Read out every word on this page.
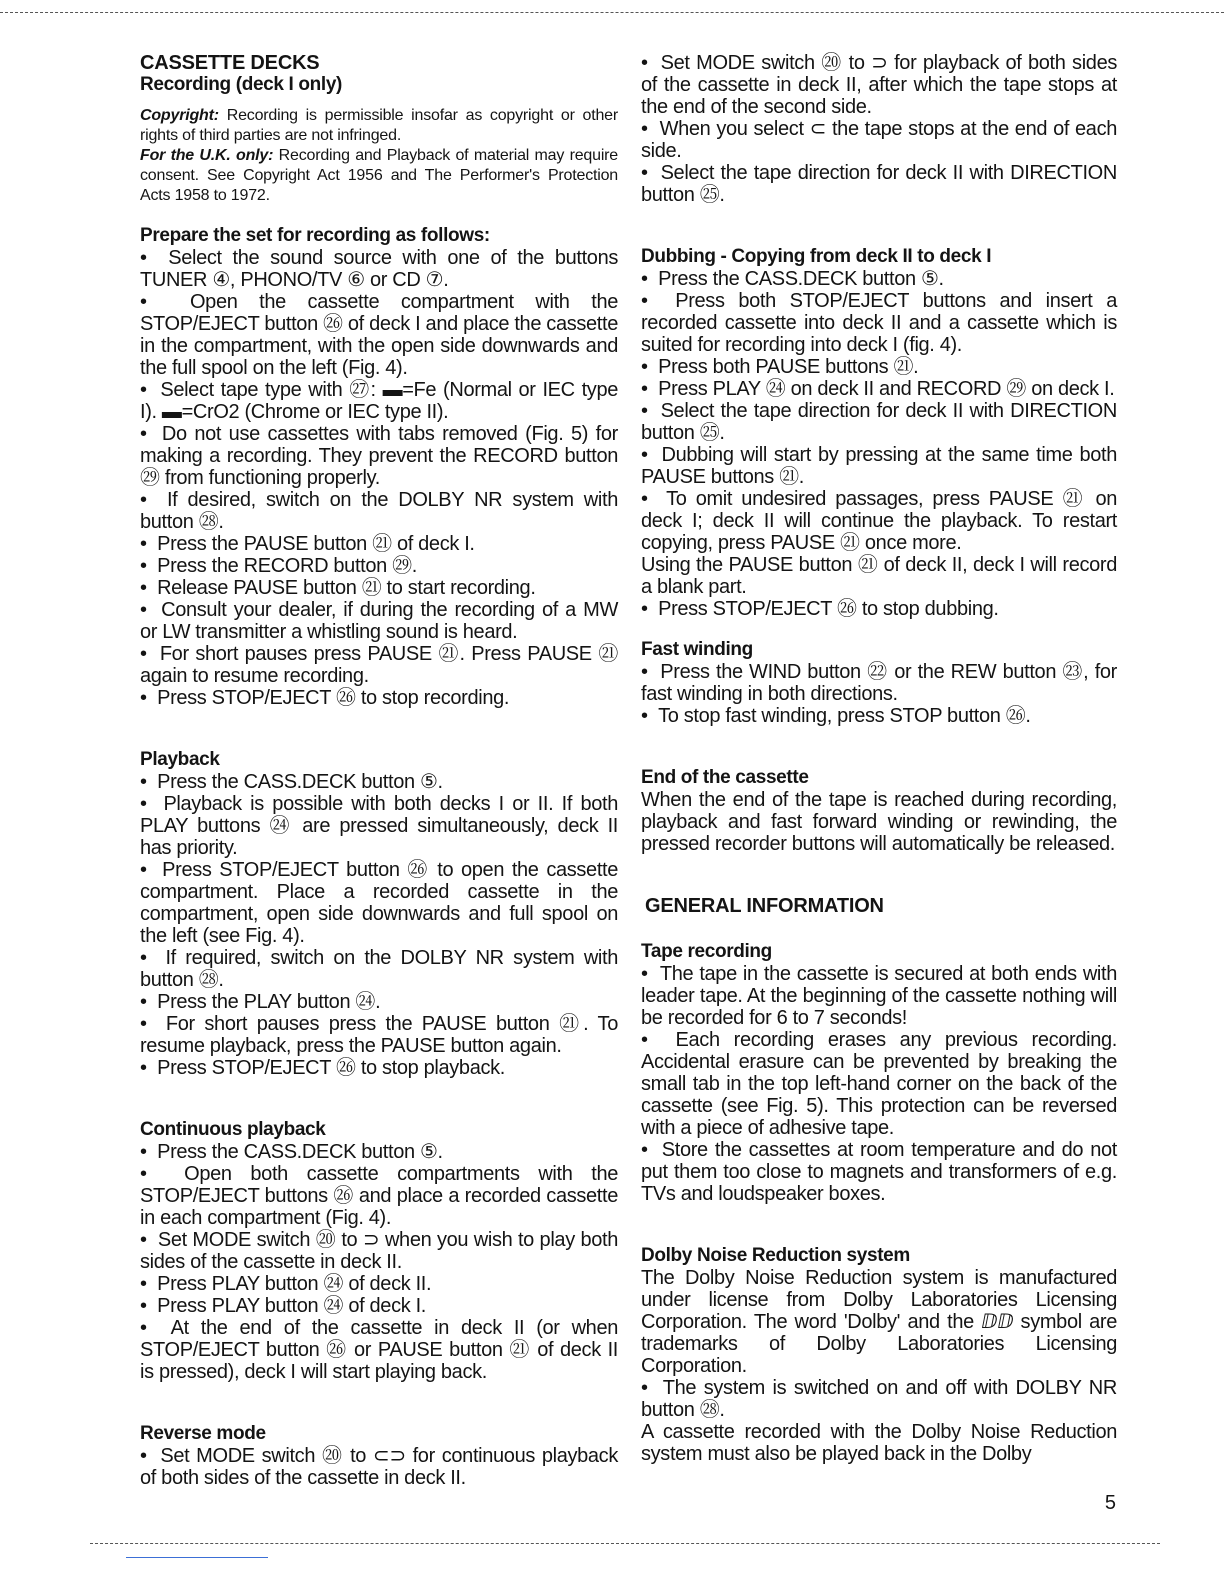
CASSETTE DECKS

Recording (deck I only)

Copyright: Recording is permissible insofar as copyright or other rights of third parties are not infringed.

For the U.K. only: Recording and Playback of material may require consent. See Copyright Act 1956 and The Performer's Protection Acts 1958 to 1972.

Prepare the set for recording as follows:

•  Select the sound source with one of the buttons TUNER ④, PHONO/TV ⑥ or CD ⑦.

•  Open the cassette compartment with the STOP/EJECT button ㉖ of deck I and place the cassette in the compartment, with the open side downwards and the full spool on the left (Fig. 4).

•  Select tape type with ㉗: ▬=Fe (Normal or IEC type I). ▬=CrO2 (Chrome or IEC type II).

•  Do not use cassettes with tabs removed (Fig. 5) for making a recording. They prevent the RECORD button ㉙ from functioning properly.

•  If desired, switch on the DOLBY NR system with button ㉘.

•  Press the PAUSE button ㉑ of deck I.

•  Press the RECORD button ㉙.

•  Release PAUSE button ㉑ to start recording.

•  Consult your dealer, if during the recording of a MW or LW transmitter a whistling sound is heard.

•  For short pauses press PAUSE ㉑. Press PAUSE ㉑ again to resume recording.

•  Press STOP/EJECT ㉖ to stop recording.

Playback

•  Press the CASS.DECK button ⑤.

•  Playback is possible with both decks I or II. If both PLAY buttons ㉔ are pressed simultaneously, deck II has priority.

•  Press STOP/EJECT button ㉖ to open the cassette compartment. Place a recorded cassette in the compartment, open side downwards and full spool on the left (see Fig. 4).

•  If required, switch on the DOLBY NR system with button ㉘.

•  Press the PLAY button ㉔.

•  For short pauses press the PAUSE button ㉑. To resume playback, press the PAUSE button again.

•  Press STOP/EJECT ㉖ to stop playback.

Continuous playback

•  Press the CASS.DECK button ⑤.

•  Open both cassette compartments with the STOP/EJECT buttons ㉖ and place a recorded cassette in each compartment (Fig. 4).

•  Set MODE switch ⑳ to ⊃ when you wish to play both sides of the cassette in deck II.

•  Press PLAY button ㉔ of deck II.

•  Press PLAY button ㉔ of deck I.

•  At the end of the cassette in deck II (or when STOP/EJECT button ㉖ or PAUSE button ㉑ of deck II is pressed), deck I will start playing back.

Reverse mode

•  Set MODE switch ⑳ to ⊂⊃ for continuous playback of both sides of the cassette in deck II.

•  Set MODE switch ⑳ to ⊃ for playback of both sides of the cassette in deck II, after which the tape stops at the end of the second side.

•  When you select ⊂ the tape stops at the end of each side.

•  Select the tape direction for deck II with DIRECTION button ㉕.

Dubbing - Copying from deck II to deck I

•  Press the CASS.DECK button ⑤.

•  Press both STOP/EJECT buttons and insert a recorded cassette into deck II and a cassette which is suited for recording into deck I (fig. 4).

•  Press both PAUSE buttons ㉑.

•  Press PLAY ㉔ on deck II and RECORD ㉙ on deck I.

•  Select the tape direction for deck II with DIRECTION button ㉕.

•  Dubbing will start by pressing at the same time both PAUSE buttons ㉑.

•  To omit undesired passages, press PAUSE ㉑ on deck I; deck II will continue the playback. To restart copying, press PAUSE ㉑ once more.

Using the PAUSE button ㉑ of deck II, deck I will record a blank part.

•  Press STOP/EJECT ㉖ to stop dubbing.

Fast winding

•  Press the WIND button ㉒ or the REW button ㉓, for fast winding in both directions.

•  To stop fast winding, press STOP button ㉖.

End of the cassette

When the end of the tape is reached during recording, playback and fast forward winding or rewinding, the pressed recorder buttons will automatically be released.

GENERAL INFORMATION

Tape recording

•  The tape in the cassette is secured at both ends with leader tape. At the beginning of the cassette nothing will be recorded for 6 to 7 seconds!

•  Each recording erases any previous recording. Accidental erasure can be prevented by breaking the small tab in the top left-hand corner on the back of the cassette (see Fig. 5). This protection can be reversed with a piece of adhesive tape.

•  Store the cassettes at room temperature and do not put them too close to magnets and transformers of e.g. TVs and loudspeaker boxes.

Dolby Noise Reduction system

The Dolby Noise Reduction system is manufactured under license from Dolby Laboratories Licensing Corporation. The word 'Dolby' and the ⅅⅅ symbol are trademarks of Dolby Laboratories Licensing Corporation.

•  The system is switched on and off with DOLBY NR button ㉘.

A cassette recorded with the Dolby Noise Reduction system must also be played back in the Dolby

5
